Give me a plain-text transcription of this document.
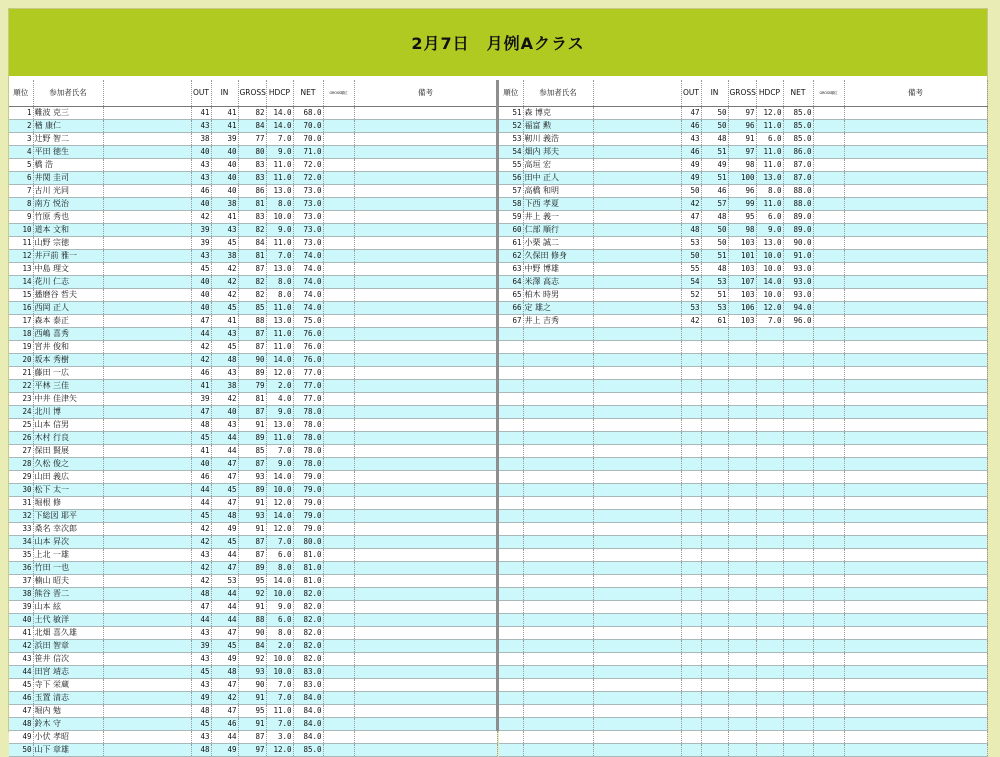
2月7日　月例Aクラス
順位	参加者氏名		OUT	IN	GROSS	HDCP	NET	GROSS順位	備考
1	難波 克三		41	41	82	14.0	68.0		
2	楢 康仁		43	41	84	14.0	70.0		
3	辻野 智二		38	39	77	7.0	70.0		
4	平田 徳生		40	40	80	9.0	71.0		
5	橋 浩		43	40	83	11.0	72.0		
6	井関 圭司		43	40	83	11.0	72.0		
7	古川 光同		46	40	86	13.0	73.0		
8	南方 悦治		40	38	81	8.0	73.0		
9	竹原 秀也		42	41	83	10.0	73.0		
10	道本 文和		39	43	82	9.0	73.0		
11	山野 宗徳		39	45	84	11.0	73.0		
12	井戸前 雅一		43	38	81	7.0	74.0		
13	中島 理文		45	42	87	13.0	74.0		
14	花川 仁志		40	42	82	8.0	74.0		
15	播磨谷 哲夫		40	42	82	8.0	74.0		
16	西岡 正人		40	45	85	11.0	74.0		
17	森本 泰正		47	41	88	13.0	75.0		
18	西嶋 喜秀		44	43	87	11.0	76.0		
19	宮井 俊和		42	45	87	11.0	76.0		
20	坂本 秀樹		42	48	90	14.0	76.0		
21	藤田 一広		46	43	89	12.0	77.0		
22	平林 三佳		41	38	79	2.0	77.0		
23	中井 佳津矢		39	42	81	4.0	77.0		
24	北川 博		47	40	87	9.0	78.0		
25	山本 信男		48	43	91	13.0	78.0		
26	木村 行良		45	44	89	11.0	78.0		
27	保田 賢展		41	44	85	7.0	78.0		
28	久松 俊之		40	47	87	9.0	78.0		
29	山田 義広		46	47	93	14.0	79.0		
30	松下 太一		44	45	89	10.0	79.0		
31	堀根 修		44	47	91	12.0	79.0		
32	下総図 耶平		45	48	93	14.0	79.0		
33	桑名 幸次郎		42	49	91	12.0	79.0		
34	山本 昇次		42	45	87	7.0	80.0		
35	上北 一雄		43	44	87	6.0	81.0		
36	竹田 一也		42	47	89	8.0	81.0		
37	楠山 昭夫		42	53	95	14.0	81.0		
38	熊谷 晋二		48	44	92	10.0	82.0		
39	山本 絃		47	44	91	9.0	82.0		
40	土代 敏洋		44	44	88	6.0	82.0		
41	北畑 喜久雄		43	47	90	8.0	82.0		
42	浜田 智章		39	45	84	2.0	82.0		
43	笹井 信次		43	49	92	10.0	82.0		
44	田宮 靖志		45	48	93	10.0	83.0		
45	寺下 栄蔵		43	47	90	7.0	83.0		
46	玉置 清志		49	42	91	7.0	84.0		
47	堀内 勉		48	47	95	11.0	84.0		
48	鈴木 守		45	46	91	7.0	84.0		
49	小伏 孝昭		43	44	87	3.0	84.0		
50	山下 章雄		48	49	97	12.0	85.0		
順位	参加者氏名		OUT	IN	GROSS	HDCP	NET	GROSS順位	備考
51	森 博克		47	50	97	12.0	85.0		
52	福富 勲		46	50	96	11.0	85.0		
53	靭川 義浩		43	48	91	6.0	85.0		
54	畑内 邦夫		46	51	97	11.0	86.0		
55	高垣 宏		49	49	98	11.0	87.0		
56	田中 正人		49	51	100	13.0	87.0		
57	高橋 和明		50	46	96	8.0	88.0		
58	下西 孝夏		42	57	99	11.0	88.0		
59	井上 義一		47	48	95	6.0	89.0		
60	仁部 順行		48	50	98	9.0	89.0		
61	小栗 誠二		53	50	103	13.0	90.0		
62	久保田 修身		50	51	101	10.0	91.0		
63	中野 博雄		55	48	103	10.0	93.0		
64	米澤 高志		54	53	107	14.0	93.0		
65	柏木 時男		52	51	103	10.0	93.0		
66	定 雄之		53	53	106	12.0	94.0		
67	井上 吉秀		42	61	103	7.0	96.0		
